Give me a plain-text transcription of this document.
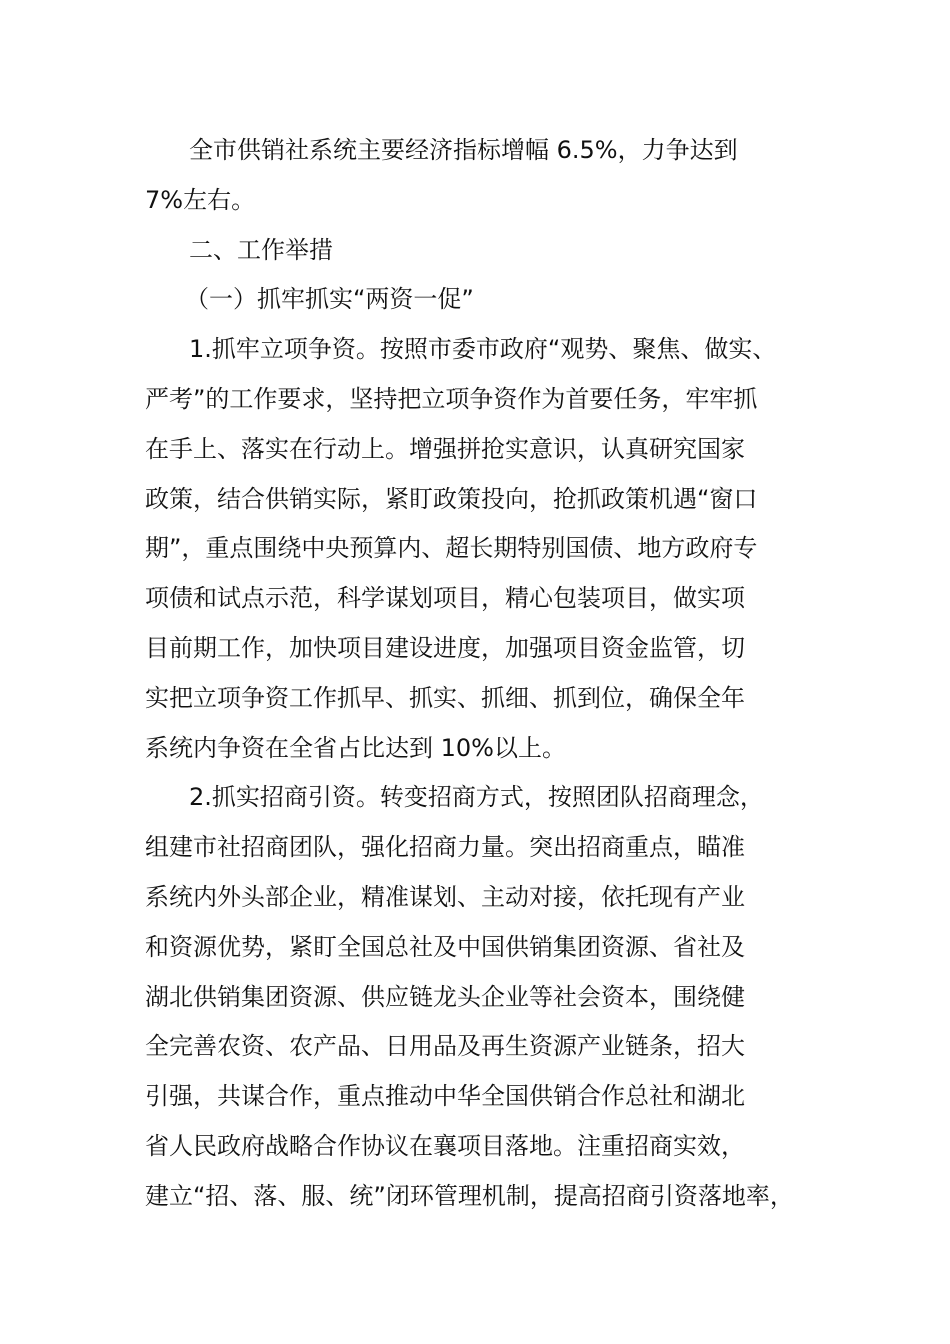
全市供销社系统主要经济指标增幅 6.5%，力争达到
7%左右。
二、工作举措
（一）抓牢抓实“两资一促”
1.抓牢立项争资。按照市委市政府“观势、聚焦、做实、
严考”的工作要求，坚持把立项争资作为首要任务，牢牢抓
在手上、落实在行动上。增强拼抢实意识，认真研究国家
政策，结合供销实际，紧盯政策投向，抢抓政策机遇“窗口
期”，重点围绕中央预算内、超长期特别国债、地方政府专
项债和试点示范，科学谋划项目，精心包装项目，做实项
目前期工作，加快项目建设进度，加强项目资金监管，切
实把立项争资工作抓早、抓实、抓细、抓到位，确保全年
系统内争资在全省占比达到 10%以上。
2.抓实招商引资。转变招商方式，按照团队招商理念，
组建市社招商团队，强化招商力量。突出招商重点，瞄准
系统内外头部企业，精准谋划、主动对接，依托现有产业
和资源优势，紧盯全国总社及中国供销集团资源、省社及
湖北供销集团资源、供应链龙头企业等社会资本，围绕健
全完善农资、农产品、日用品及再生资源产业链条，招大
引强，共谋合作，重点推动中华全国供销合作总社和湖北
省人民政府战略合作协议在襄项目落地。注重招商实效，
建立“招、落、服、统”闭环管理机制，提高招商引资落地率，
